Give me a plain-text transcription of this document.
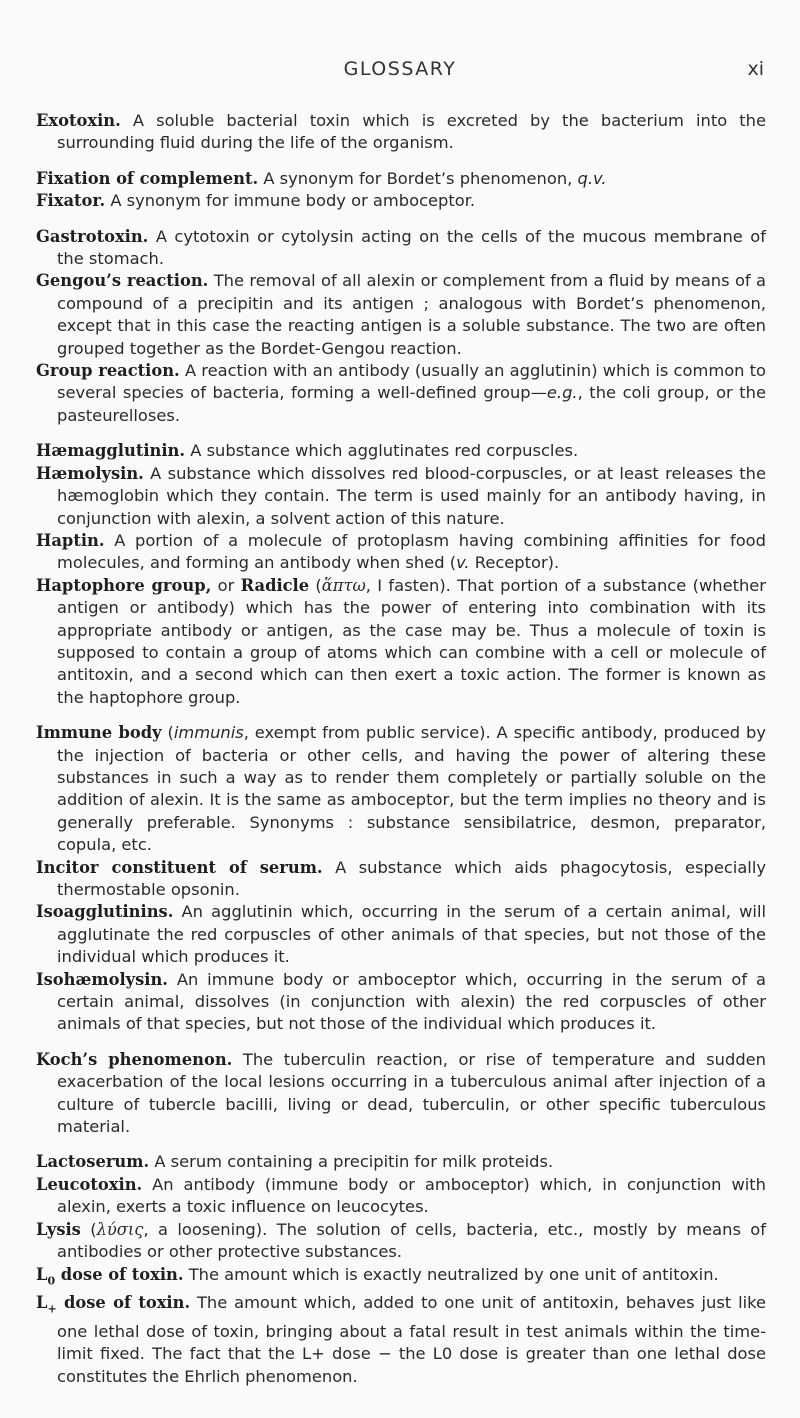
GLOSSARY	xi
Exotoxin. A soluble bacterial toxin which is excreted by the bacterium into the surrounding fluid during the life of the organism.
Fixation of complement. A synonym for Bordet’s phenomenon, q.v.
Fixator. A synonym for immune body or amboceptor.
Gastrotoxin. A cytotoxin or cytolysin acting on the cells of the mucous membrane of the stomach.
Gengou’s reaction. The removal of all alexin or complement from a fluid by means of a compound of a precipitin and its antigen ; analogous with Bordet’s phenomenon, except that in this case the reacting antigen is a soluble substance. The two are often grouped together as the Bordet-Gengou reaction.
Group reaction. A reaction with an antibody (usually an agglutinin) which is common to several species of bacteria, forming a well-defined group—e.g., the coli group, or the pasteurelloses.
Hæmagglutinin. A substance which agglutinates red corpuscles.
Hæmolysin. A substance which dissolves red blood-corpuscles, or at least releases the hæmoglobin which they contain. The term is used mainly for an antibody having, in conjunction with alexin, a solvent action of this nature.
Haptin. A portion of a molecule of protoplasm having combining affinities for food molecules, and forming an antibody when shed (v. Receptor).
Haptophore group, or Radicle (ἅπτω, I fasten). That portion of a substance (whether antigen or antibody) which has the power of entering into combination with its appropriate antibody or antigen, as the case may be. Thus a molecule of toxin is supposed to contain a group of atoms which can combine with a cell or molecule of antitoxin, and a second which can then exert a toxic action. The former is known as the haptophore group.
Immune body (immunis, exempt from public service). A specific antibody, produced by the injection of bacteria or other cells, and having the power of altering these substances in such a way as to render them completely or partially soluble on the addition of alexin. It is the same as amboceptor, but the term implies no theory and is generally preferable. Synonyms : substance sensibilatrice, desmon, preparator, copula, etc.
Incitor constituent of serum. A substance which aids phagocytosis, especially thermostable opsonin.
Isoagglutinins. An agglutinin which, occurring in the serum of a certain animal, will agglutinate the red corpuscles of other animals of that species, but not those of the individual which produces it.
Isohæmolysin. An immune body or amboceptor which, occurring in the serum of a certain animal, dissolves (in conjunction with alexin) the red corpuscles of other animals of that species, but not those of the individual which produces it.
Koch’s phenomenon. The tuberculin reaction, or rise of temperature and sudden exacerbation of the local lesions occurring in a tuberculous animal after injection of a culture of tubercle bacilli, living or dead, tuberculin, or other specific tuberculous material.
Lactoserum. A serum containing a precipitin for milk proteids.
Leucotoxin. An antibody (immune body or amboceptor) which, in conjunction with alexin, exerts a toxic influence on leucocytes.
Lysis (λύσις, a loosening). The solution of cells, bacteria, etc., mostly by means of antibodies or other protective substances.
$L_0$ dose of toxin. The amount which is exactly neutralized by one unit of antitoxin.
$L_+$ dose of toxin. The amount which, added to one unit of antitoxin, behaves just like one lethal dose of toxin, bringing about a fatal result in test animals within the time-limit fixed. The fact that the L+ dose − the L0 dose is greater than one lethal dose constitutes the Ehrlich phenomenon.
